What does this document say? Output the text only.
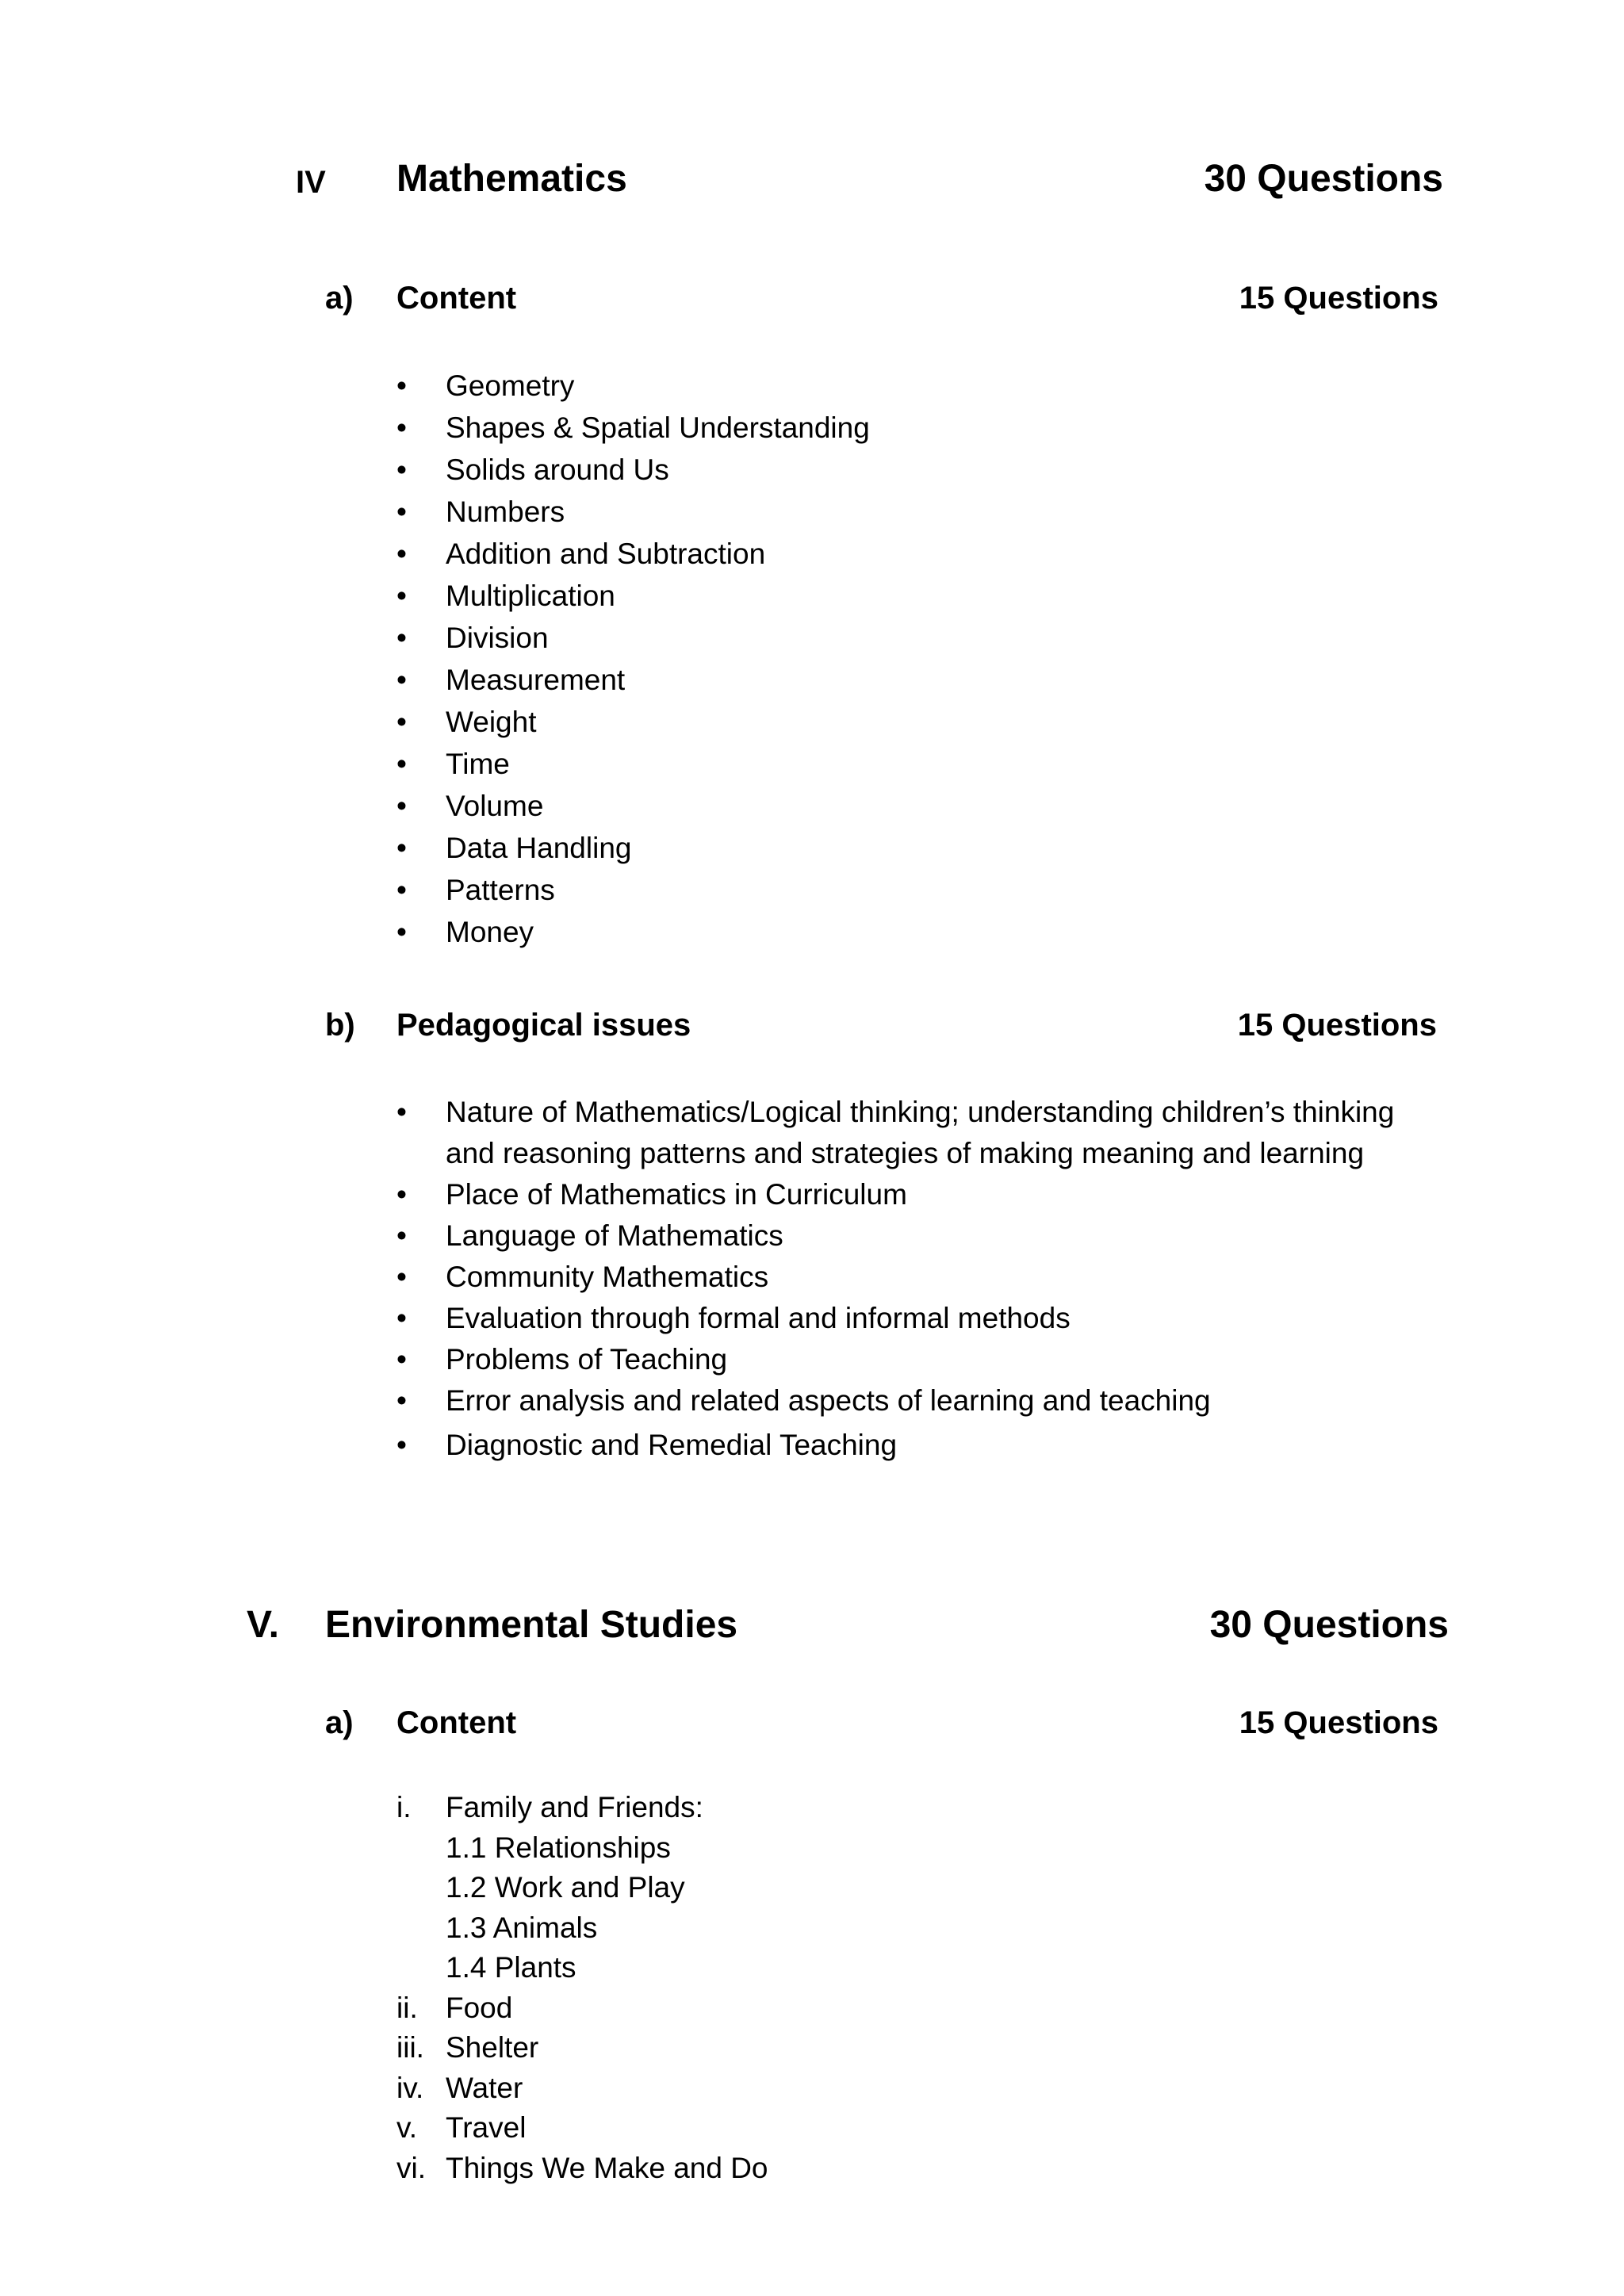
IV Mathematics	30 Questions
a) Content	15 Questions
• Geometry
• Shapes & Spatial Understanding
• Solids around Us
• Numbers
• Addition and Subtraction
• Multiplication
• Division
• Measurement
• Weight
• Time
• Volume
• Data Handling
• Patterns
• Money
b) Pedagogical issues	15 Questions
• Nature of Mathematics/Logical thinking; understanding children’s thinking
and reasoning patterns and strategies of making meaning and learning
• Place of Mathematics in Curriculum
• Language of Mathematics
• Community Mathematics
• Evaluation through formal and informal methods
• Problems of Teaching
• Error analysis and related aspects of learning and teaching
• Diagnostic and Remedial Teaching
V. Environmental Studies	30 Questions
a) Content	15 Questions
i. Family and Friends:
1.1 Relationships
1.2 Work and Play
1.3 Animals
1.4 Plants
ii. Food
iii. Shelter
iv. Water
v. Travel
vi. Things We Make and Do
